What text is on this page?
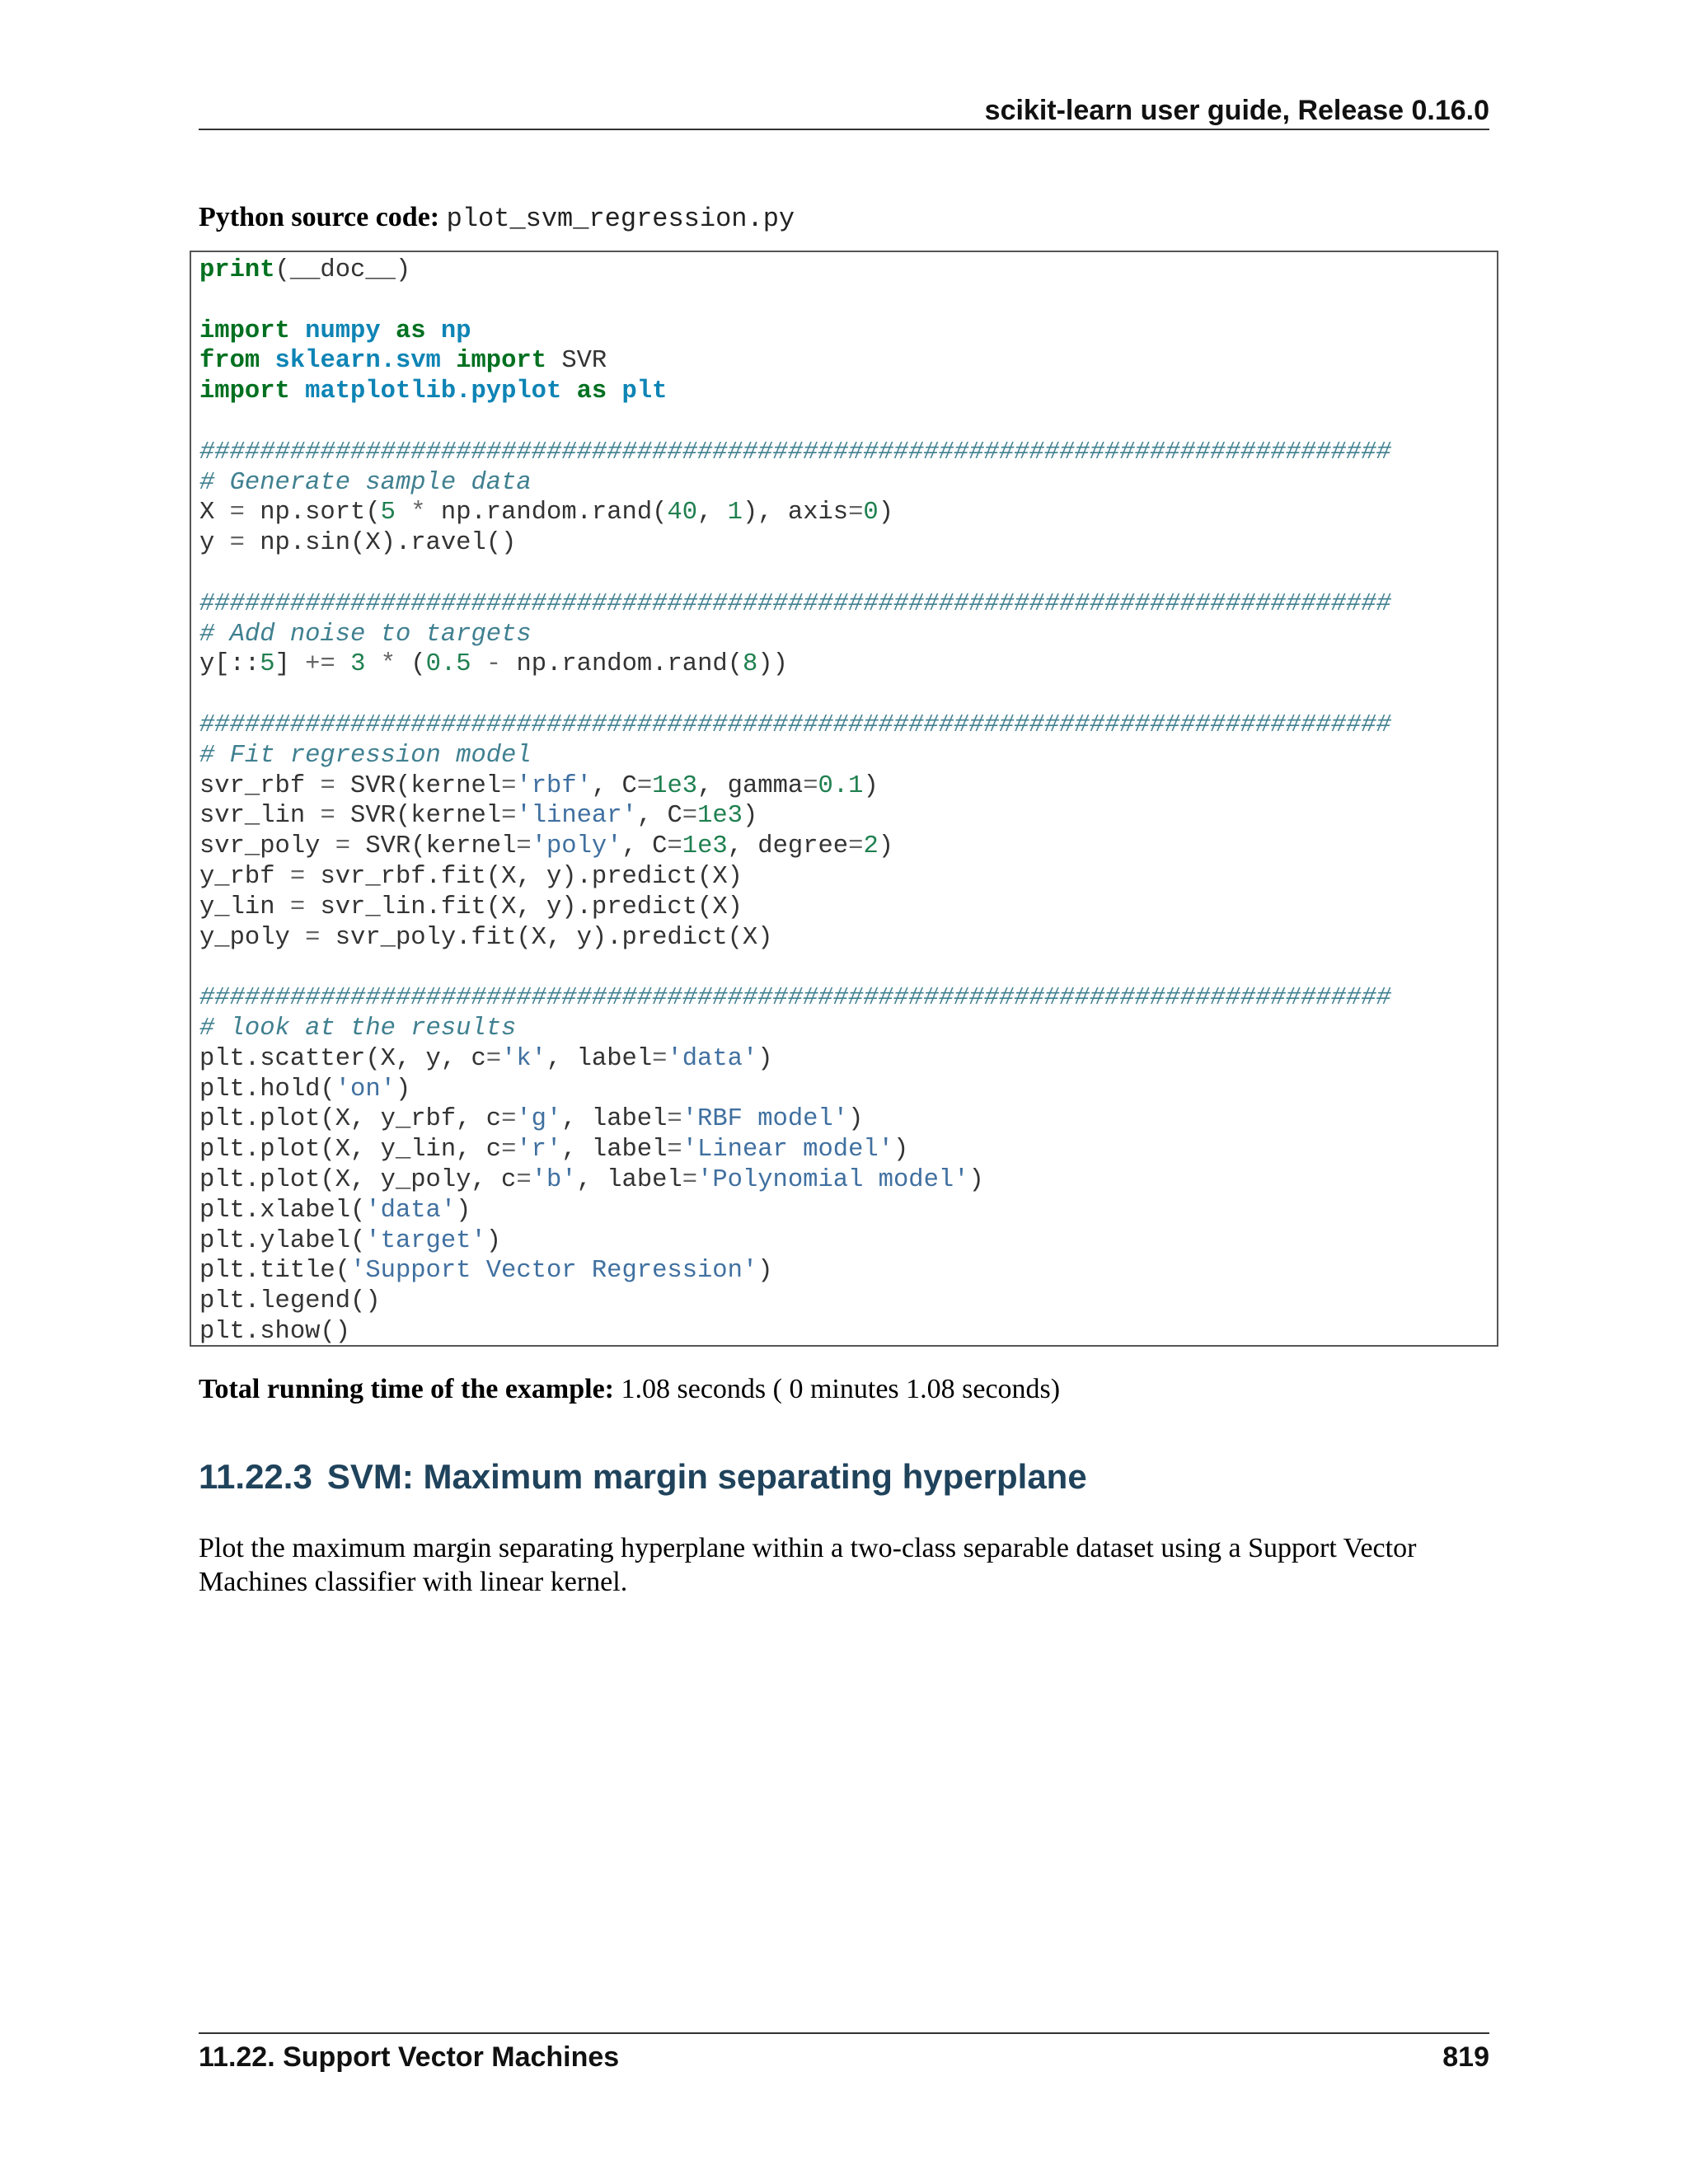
scikit-learn user guide, Release 0.16.0
Python source code: plot_svm_regression.py
print(__doc__)
import numpy as np
from sklearn.svm import SVR
import matplotlib.pyplot as plt
###############################################################################
# Generate sample data
X = np.sort(5 * np.random.rand(40, 1), axis=0)
y = np.sin(X).ravel()
###############################################################################
# Add noise to targets
y[::5] += 3 * (0.5 - np.random.rand(8))
###############################################################################
# Fit regression model
svr_rbf = SVR(kernel='rbf', C=1e3, gamma=0.1)
svr_lin = SVR(kernel='linear', C=1e3)
svr_poly = SVR(kernel='poly', C=1e3, degree=2)
y_rbf = svr_rbf.fit(X, y).predict(X)
y_lin = svr_lin.fit(X, y).predict(X)
y_poly = svr_poly.fit(X, y).predict(X)
###############################################################################
# look at the results
plt.scatter(X, y, c='k', label='data')
plt.hold('on')
plt.plot(X, y_rbf, c='g', label='RBF model')
plt.plot(X, y_lin, c='r', label='Linear model')
plt.plot(X, y_poly, c='b', label='Polynomial model')
plt.xlabel('data')
plt.ylabel('target')
plt.title('Support Vector Regression')
plt.legend()
plt.show()
Total running time of the example: 1.08 seconds ( 0 minutes 1.08 seconds)
11.22.3 SVM: Maximum margin separating hyperplane
Plot the maximum margin separating hyperplane within a two-class separable dataset using a Support Vector Machines classifier with linear kernel.
11.22. Support Vector Machines	819
